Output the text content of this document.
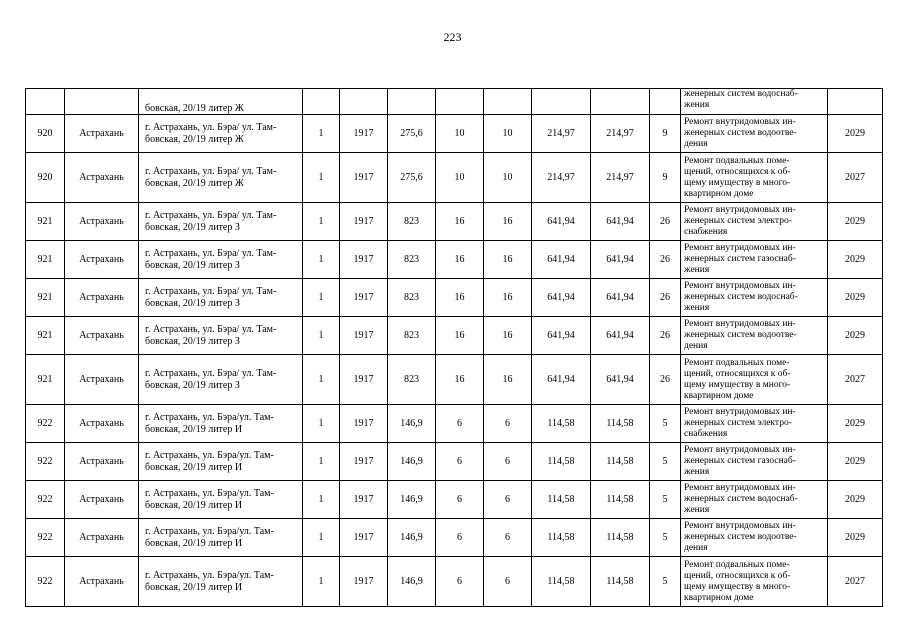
223

		бовская, 20/19 литер Ж									женерных систем водоснаб-
жения	

920	Астрахань	г. Астрахань, ул. Бэра/ ул. Там-
бовская, 20/19 литер Ж	1	1917	275,6	10	10	214,97	214,97	9	Ремонт внутридомовых ин-
женерных систем водоотве-
дения	2029
920	Астрахань	г. Астрахань, ул. Бэра/ ул. Там-
бовская, 20/19 литер Ж	1	1917	275,6	10	10	214,97	214,97	9	Ремонт подвальных поме-
щений, относящихся к об-
щему имуществу в много-
квартирном доме	2027
921	Астрахань	г. Астрахань, ул. Бэра/ ул. Там-
бовская, 20/19 литер З	1	1917	823	16	16	641,94	641,94	26	Ремонт внутридомовых ин-
женерных систем электро-
снабжения	2029
921	Астрахань	г. Астрахань, ул. Бэра/ ул. Там-
бовская, 20/19 литер З	1	1917	823	16	16	641,94	641,94	26	Ремонт внутридомовых ин-
женерных систем газоснаб-
жения	2029
921	Астрахань	г. Астрахань, ул. Бэра/ ул. Там-
бовская, 20/19 литер З	1	1917	823	16	16	641,94	641,94	26	Ремонт внутридомовых ин-
женерных систем водоснаб-
жения	2029
921	Астрахань	г. Астрахань, ул. Бэра/ ул. Там-
бовская, 20/19 литер З	1	1917	823	16	16	641,94	641,94	26	Ремонт внутридомовых ин-
женерных систем водоотве-
дения	2029
921	Астрахань	г. Астрахань, ул. Бэра/ ул. Там-
бовская, 20/19 литер З	1	1917	823	16	16	641,94	641,94	26	Ремонт подвальных поме-
щений, относящихся к об-
щему имуществу в много-
квартирном доме	2027
922	Астрахань	г. Астрахань, ул. Бэра/ул. Там-
бовская, 20/19 литер И	1	1917	146,9	6	6	114,58	114,58	5	Ремонт внутридомовых ин-
женерных систем электро-
снабжения	2029
922	Астрахань	г. Астрахань, ул. Бэра/ул. Там-
бовская, 20/19 литер И	1	1917	146,9	6	6	114,58	114,58	5	Ремонт внутридомовых ин-
женерных систем газоснаб-
жения	2029
922	Астрахань	г. Астрахань, ул. Бэра/ул. Там-
бовская, 20/19 литер И	1	1917	146,9	6	6	114,58	114,58	5	Ремонт внутридомовых ин-
женерных систем водоснаб-
жения	2029
922	Астрахань	г. Астрахань, ул. Бэра/ул. Там-
бовская, 20/19 литер И	1	1917	146,9	6	6	114,58	114,58	5	Ремонт внутридомовых ин-
женерных систем водоотве-
дения	2029
922	Астрахань	г. Астрахань, ул. Бэра/ул. Там-
бовская, 20/19 литер И	1	1917	146,9	6	6	114,58	114,58	5	Ремонт подвальных поме-
щений, относящихся к об-
щему имуществу в много-
квартирном доме	2027
